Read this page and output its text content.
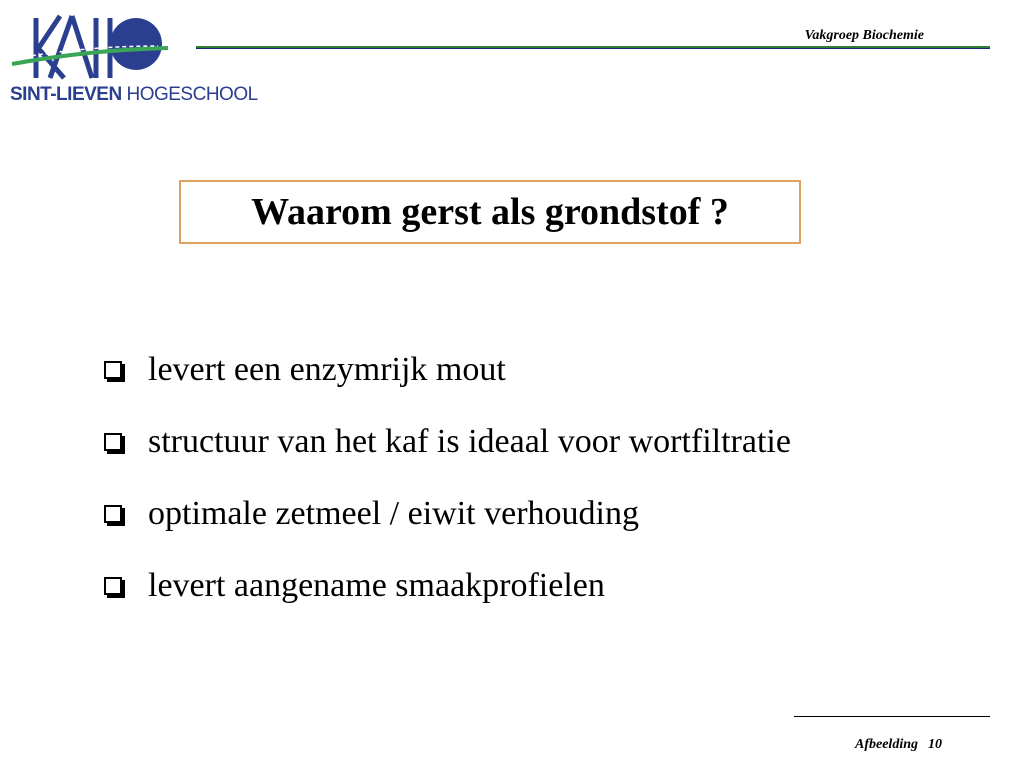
SINT-LIEVEN HOGESCHOOL
Vakgroep Biochemie
Waarom gerst als grondstof ?
levert een enzymrijk mout
structuur van het kaf is ideaal voor wortfiltratie
optimale zetmeel / eiwit verhouding
levert aangename smaakprofielen
Afbeelding 10
